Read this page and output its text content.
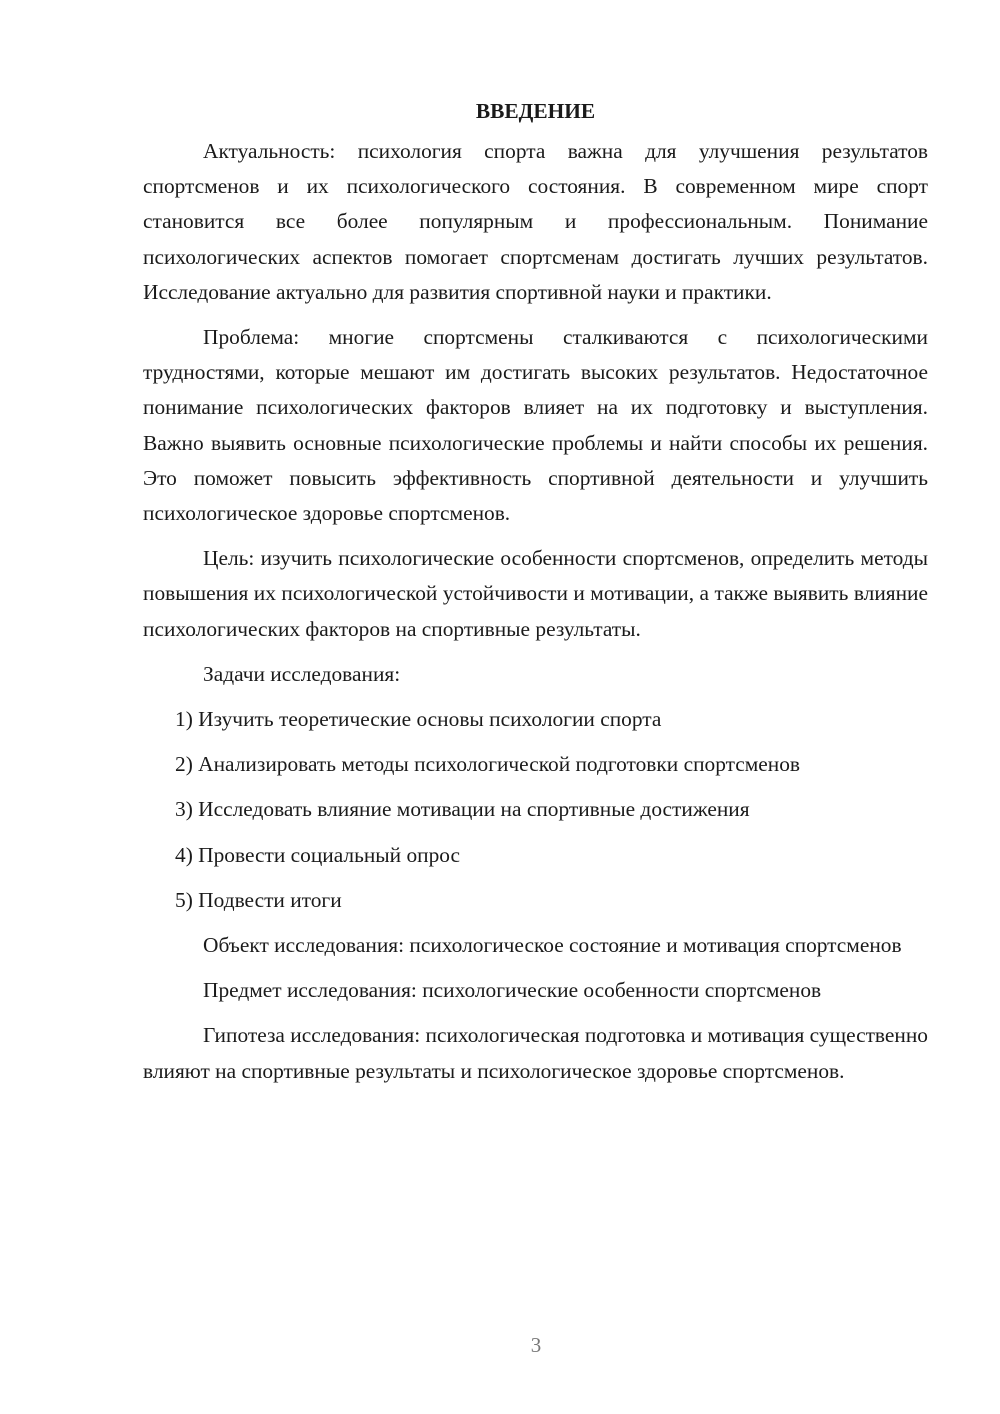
ВВЕДЕНИЕ

Актуальность: психология спорта важна для улучшения результатов спортсменов и их психологического состояния. В современном мире спорт становится все более популярным и профессиональным. Понимание психологических аспектов помогает спортсменам достигать лучших результатов. Исследование актуально для развития спортивной науки и практики.

Проблема: многие спортсмены сталкиваются с психологическими трудностями, которые мешают им достигать высоких результатов. Недостаточное понимание психологических факторов влияет на их подготовку и выступления. Важно выявить основные психологические проблемы и найти способы их решения. Это поможет повысить эффективность спортивной деятельности и улучшить психологическое здоровье спортсменов.

Цель: изучить психологические особенности спортсменов, определить методы повышения их психологической устойчивости и мотивации, а также выявить влияние психологических факторов на спортивные результаты.

Задачи исследования:

1) Изучить теоретические основы психологии спорта
2) Анализировать методы психологической подготовки спортсменов
3) Исследовать влияние мотивации на спортивные достижения
4) Провести социальный опрос
5) Подвести итоги

Объект исследования: психологическое состояние и мотивация спортсменов

Предмет исследования: психологические особенности спортсменов

Гипотеза исследования: психологическая подготовка и мотивация существенно влияют на спортивные результаты и психологическое здоровье спортсменов.

3
